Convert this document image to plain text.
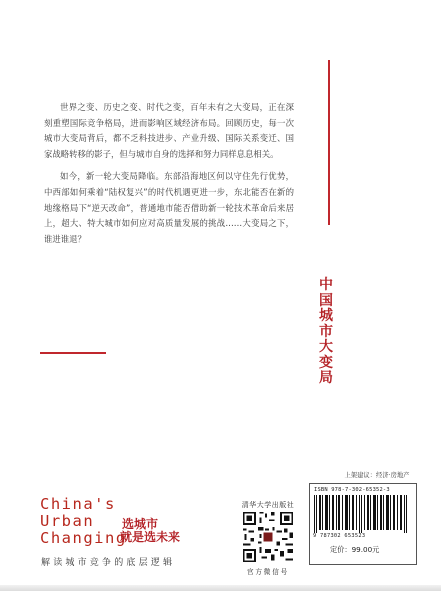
世界之变、历史之变、时代之变，百年未有之大变局，正在深刻重塑国际竞争格局，进而影响区域经济布局。回顾历史，每一次城市大变局背后，都不乏科技进步、产业升级、国际关系变迁、国家战略转移的影子，但与城市自身的选择和努力同样息息相关。

如今，新一轮大变局降临。东部沿海地区何以守住先行优势，中西部如何乘着“陆权复兴”的时代机遇更进一步，东北能否在新的地缘格局下“逆天改命”，普通地市能否借助新一轮技术革命后来居上，超大、特大城市如何应对高质量发展的挑战……大变局之下，谁进谁退？

中
国
城
市
大
变
局
China's
Urban
Changing
选城市
就是选未来
解读城市竞争的底层逻辑
清华大学出版社
官方微信号
上架建议：经济·房地产
ISBN 978-7-302-65352-3
9 787302 653523
定价：99.00元
